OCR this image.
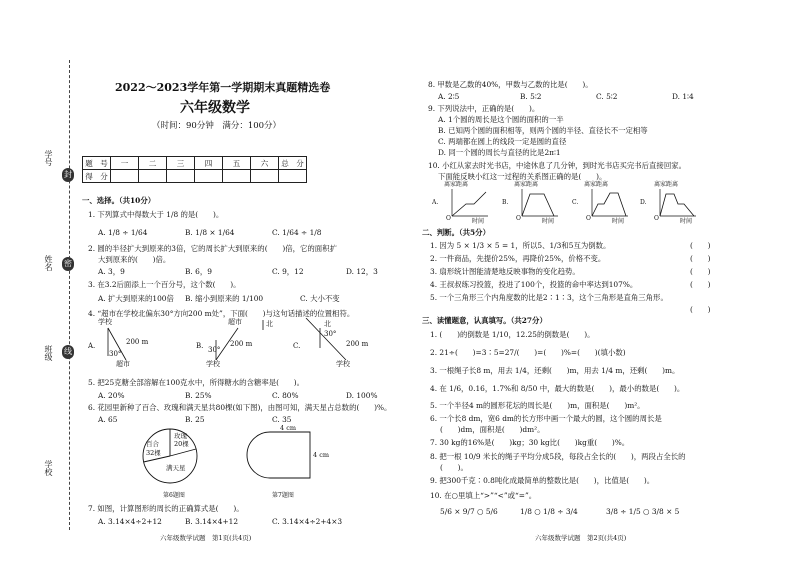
学号
姓名
班级
学校
封
密
线
2022～2023学年第一学期期末真题精选卷
六年级数学
（时间：90分钟　满分：100分）
题　号	一	二	三	四	五	六	总　分
得　分							
一、选择。（共10分）
1. 下列算式中得数大于 1/8 的是(　　)。
A. 1/8 ÷ 1/64	B. 1/8 × 1/64	C. 1/64 ÷ 1/8
2. 圆的半径扩大到原来的3倍，它的周长扩大到原来的(　　)倍，它的面积扩
大到原来的(　　)倍。
A. 3，9	B. 6，9	C. 9，12	D. 12，3
3. 在3.2后面添上一个百分号，这个数(　　)。
A. 扩大到原来的100倍 B. 缩小到原来的 1/100	C. 大小不变
4. “超市在学校北偏东30°方向200 m处”，下面(　　)与这句话描述的位置相符。
A.
学校
30°
200 m
超市
B.
超市
200 m
30°
学校
北
C.
北
30°
200 m
学校
5. 把25克糖全部溶解在100克水中，所得糖水的含糖率是(　　)。
A. 20%	B. 25%	C. 80%	D. 100%
6. 花园里新种了百合、玫瑰和满天星共80棵(如下图)，由图可知，满天星占总数的(　　)%。
A. 65	B. 25	C. 35
百合
32棵
玫瑰
20棵
满天星
第6题图
4 cm
4 cm
第7题图
7. 如图，计算图形的周长的正确算式是(　　)。
A. 3.14×4÷2+12	B. 3.14×4+12	C. 3.14×4÷2+4×3
六年级数学试题　第1页(共4页)
8. 甲数是乙数的40%，甲数与乙数的比是(　　)。
A. 2∶5	B. 5∶2	C. 5∶2	D. 1∶4
9. 下列说法中，正确的是(　　)。
A. 1个圆的周长是这个圆的面积的一半
B. 已知两个圆的面积相等，则两个圆的半径、直径长不一定相等
C. 两端都在圆上的线段一定是圆的直径
D. 同一个圆的周长与直径的比是2π∶1
10. 小红从家去时光书店，中途休息了几分钟，到时光书店买完书后直接回家。
下面能反映小红这一过程的关系图正确的是(　　)。
A.
离家距离
O	时间
B.
离家距离
O	时间
C.
离家距离
O	时间
D.
离家距离
O	时间
二、判断。（共5分）
1. 因为 5 × 1/3 × 5 = 1，所以5、1/3和5互为倒数。	(　　)
2. 一件商品，先提价25%，再降价25%，价格不变。	(　　)
3. 扇形统计图能清楚地反映事物的变化趋势。	(　　)
4. 王叔叔练习投篮，投进了100个，投篮的命中率达到107%。	(　　)
5. 一个三角形三个内角度数的比是2∶1∶3，这个三角形是直角三角形。
(　　)
三、读懂题意，认真填写。（共27分）
1. (　　)的倒数是 1/10，12.25的倒数是(　　)。
2. 21÷(　　)=3∶5=27/(　　)=(　　)%=(　　)(填小数)
3. 一根绳子长8 m，用去 1/4，还剩(　　)m，用去 1/4 m，还剩(　　)m。
4. 在 1/6，0.16，1.7%和 8/50 中，最大的数是(　　)，最小的数是(　　)。
5. 一个半径4 m的圆形花坛的周长是(　　)m，面积是(　　)m²。
6. 一个长8 dm，宽6 dm的长方形中画一个最大的圆，这个圆的周长是
(　　)dm，面积是(　　)dm²。
7. 30 kg的16%是(　　)kg；30 kg比(　　)kg重(　　)%。
8. 把一根 10/9 米长的绳子平均分成5段，每段占全长的(　　)，两段占全长的
(　　)。
9. 把300千克∶0.8吨化成最简单的整数比是(　　)，比值是(　　)。
10. 在○里填上“>”“<”或“=”。
5/6 × 9/7 ○ 5/6	1/8 ○ 1/8 ÷ 3/4	3/8 ÷ 1/5 ○ 3/8 × 5
六年级数学试题　第2页(共4页)
